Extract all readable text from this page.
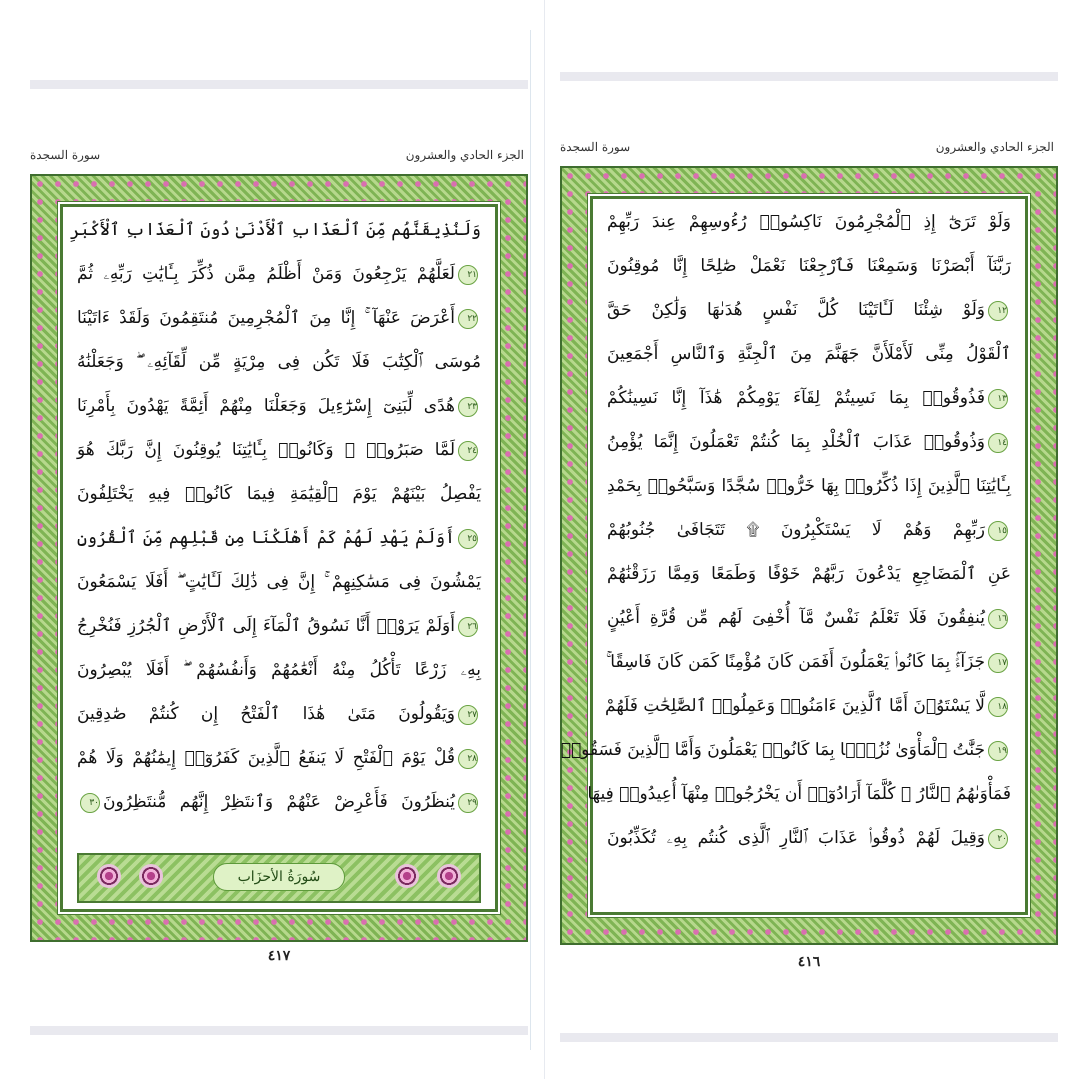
الجزء الحادي والعشرون
سورة السجدة
سُورَةُ الأحزَاب
وَلَنُذِيقَنَّهُم مِّنَ ٱلْعَذَابِ ٱلْأَدْنَىٰ دُونَ ٱلْعَذَابِ ٱلْأَكْبَرِ
٢١لَعَلَّهُمْ يَرْجِعُونَ وَمَنْ أَظْلَمُ مِمَّن ذُكِّرَ بِـَٔايَٰتِ رَبِّهِۦ ثُمَّ
٢٢أَعْرَضَ عَنْهَآ ۚ إِنَّا مِنَ ٱلْمُجْرِمِينَ مُنتَقِمُونَ وَلَقَدْ ءَاتَيْنَا
مُوسَى ٱلْكِتَٰبَ فَلَا تَكُن فِى مِرْيَةٍ مِّن لِّقَآئِهِۦ ۖ وَجَعَلْنَٰهُ
٢٣هُدًى لِّبَنِىٓ إِسْرَٰٓءِيلَ وَجَعَلْنَا مِنْهُمْ أَئِمَّةً يَهْدُونَ بِأَمْرِنَا
٢٤لَمَّا صَبَرُوا۟ ۖ وَكَانُوا۟ بِـَٔايَٰتِنَا يُوقِنُونَ إِنَّ رَبَّكَ هُوَ
يَفْصِلُ بَيْنَهُمْ يَوْمَ ٱلْقِيَٰمَةِ فِيمَا كَانُوا۟ فِيهِ يَخْتَلِفُونَ
٢٥أَوَلَمْ يَهْدِ لَهُمْ كَمْ أَهْلَكْنَا مِن قَبْلِهِم مِّنَ ٱلْقُرُونِ
يَمْشُونَ فِى مَسَٰكِنِهِمْ ۚ إِنَّ فِى ذَٰلِكَ لَـَٔايَٰتٍ ۖ أَفَلَا يَسْمَعُونَ
٢٦أَوَلَمْ يَرَوْا۟ أَنَّا نَسُوقُ ٱلْمَآءَ إِلَى ٱلْأَرْضِ ٱلْجُرُزِ فَنُخْرِجُ
بِهِۦ زَرْعًا تَأْكُلُ مِنْهُ أَنْعَٰمُهُمْ وَأَنفُسُهُمْ ۖ أَفَلَا يُبْصِرُونَ
٢٧وَيَقُولُونَ مَتَىٰ هَٰذَا ٱلْفَتْحُ إِن كُنتُمْ صَٰدِقِينَ
٢٨قُلْ يَوْمَ ٱلْفَتْحِ لَا يَنفَعُ ٱلَّذِينَ كَفَرُوٓا۟ إِيمَٰنُهُمْ وَلَا هُمْ
٢٩يُنظَرُونَ فَأَعْرِضْ عَنْهُمْ وَٱنتَظِرْ إِنَّهُم مُّنتَظِرُونَ٣٠
٤١٧
الجزء الحادي والعشرون
سورة السجدة
وَلَوْ تَرَىٰٓ إِذِ ٱلْمُجْرِمُونَ نَاكِسُوا۟ رُءُوسِهِمْ عِندَ رَبِّهِمْ
رَبَّنَآ أَبْصَرْنَا وَسَمِعْنَا فَٱرْجِعْنَا نَعْمَلْ صَٰلِحًا إِنَّا مُوقِنُونَ
١٢وَلَوْ شِئْنَا لَـَٔاتَيْنَا كُلَّ نَفْسٍ هُدَىٰهَا وَلَٰكِنْ حَقَّ
ٱلْقَوْلُ مِنِّى لَأَمْلَأَنَّ جَهَنَّمَ مِنَ ٱلْجِنَّةِ وَٱلنَّاسِ أَجْمَعِينَ
١٣فَذُوقُوا۟ بِمَا نَسِيتُمْ لِقَآءَ يَوْمِكُمْ هَٰذَآ إِنَّا نَسِينَٰكُمْ
١٤وَذُوقُوا۟ عَذَابَ ٱلْخُلْدِ بِمَا كُنتُمْ تَعْمَلُونَ إِنَّمَا يُؤْمِنُ
بِـَٔايَٰتِنَا ٱلَّذِينَ إِذَا ذُكِّرُوا۟ بِهَا خَرُّوا۟ سُجَّدًا وَسَبَّحُوا۟ بِحَمْدِ
١٥رَبِّهِمْ وَهُمْ لَا يَسْتَكْبِرُونَ ۩ تَتَجَافَىٰ جُنُوبُهُمْ
عَنِ ٱلْمَضَاجِعِ يَدْعُونَ رَبَّهُمْ خَوْفًا وَطَمَعًا وَمِمَّا رَزَقْنَٰهُمْ
١٦يُنفِقُونَ فَلَا تَعْلَمُ نَفْسٌ مَّآ أُخْفِىَ لَهُم مِّن قُرَّةِ أَعْيُنٍ
١٧جَزَآءًۢ بِمَا كَانُوا۟ يَعْمَلُونَ أَفَمَن كَانَ مُؤْمِنًا كَمَن كَانَ فَاسِقًا ۚ
١٨لَّا يَسْتَوُۥنَ أَمَّا ٱلَّذِينَ ءَامَنُوا۟ وَعَمِلُوا۟ ٱلصَّٰلِحَٰتِ فَلَهُمْ
١٩جَنَّٰتُ ٱلْمَأْوَىٰ نُزُلًۢا بِمَا كَانُوا۟ يَعْمَلُونَ وَأَمَّا ٱلَّذِينَ فَسَقُوا۟
فَمَأْوَىٰهُمُ ٱلنَّارُ ۖ كُلَّمَآ أَرَادُوٓا۟ أَن يَخْرُجُوا۟ مِنْهَآ أُعِيدُوا۟ فِيهَا
٢٠وَقِيلَ لَهُمْ ذُوقُوا۟ عَذَابَ ٱلنَّارِ ٱلَّذِى كُنتُم بِهِۦ تُكَذِّبُونَ
٤١٦
